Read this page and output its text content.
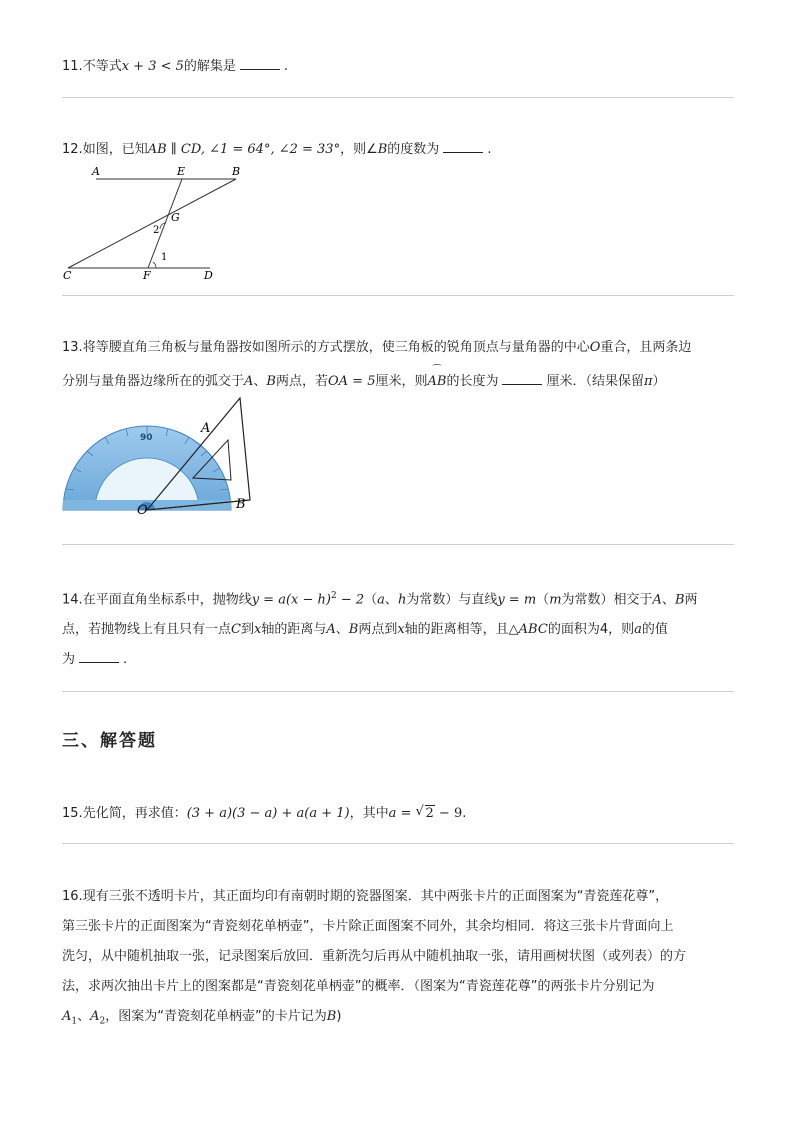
11.不等式x + 3 < 5的解集是	.
12.如图，已知AB ∥ CD, ∠1 = 64°, ∠2 = 33°，则∠B的度数为	.
A	E	B
G
2
1
C	F	D
13.将等腰直角三角板与量角器按如图所示的方式摆放，使三角板的锐角顶点与量角器的中心O重合，且两条边
分别与量角器边缘所在的弧交于A、B两点，若OA = 5厘米，则⌒ AB的长度为	厘米．（结果保留π）
90
A
O	B
14.在平面直角坐标系中，抛物线$y = a(x - h)^2 - 2(a$、h为常数）与直线y = m（m为常数）相交于A、B两
点，若抛物线上有且只有一点C到x轴的距离与A、B两点到x轴的距离相等，且△ABC的面积为4，则a的值
为	.
三、解答题
15.先化简，再求值：(3 + a)(3 − a) + a(a + 1)，其中a = √ 2 − 9.
16.现有三张不透明卡片，其正面均印有南朝时期的瓷器图案．其中两张卡片的正面图案为“青瓷莲花尊”，
第三张卡片的正面图案为“青瓷刻花单柄壶”，卡片除正面图案不同外，其余均相同．将这三张卡片背面向上
洗匀，从中随机抽取一张，记录图案后放回．重新洗匀后再从中随机抽取一张，请用画树状图（或列表）的方
法，求两次抽出卡片上的图案都是“青瓷刻花单柄壶”的概率．（图案为“青瓷莲花尊”的两张卡片分别记为
$A_1$、$A_2$，图案为“青瓷刻花单柄壶”的卡片记为B)
